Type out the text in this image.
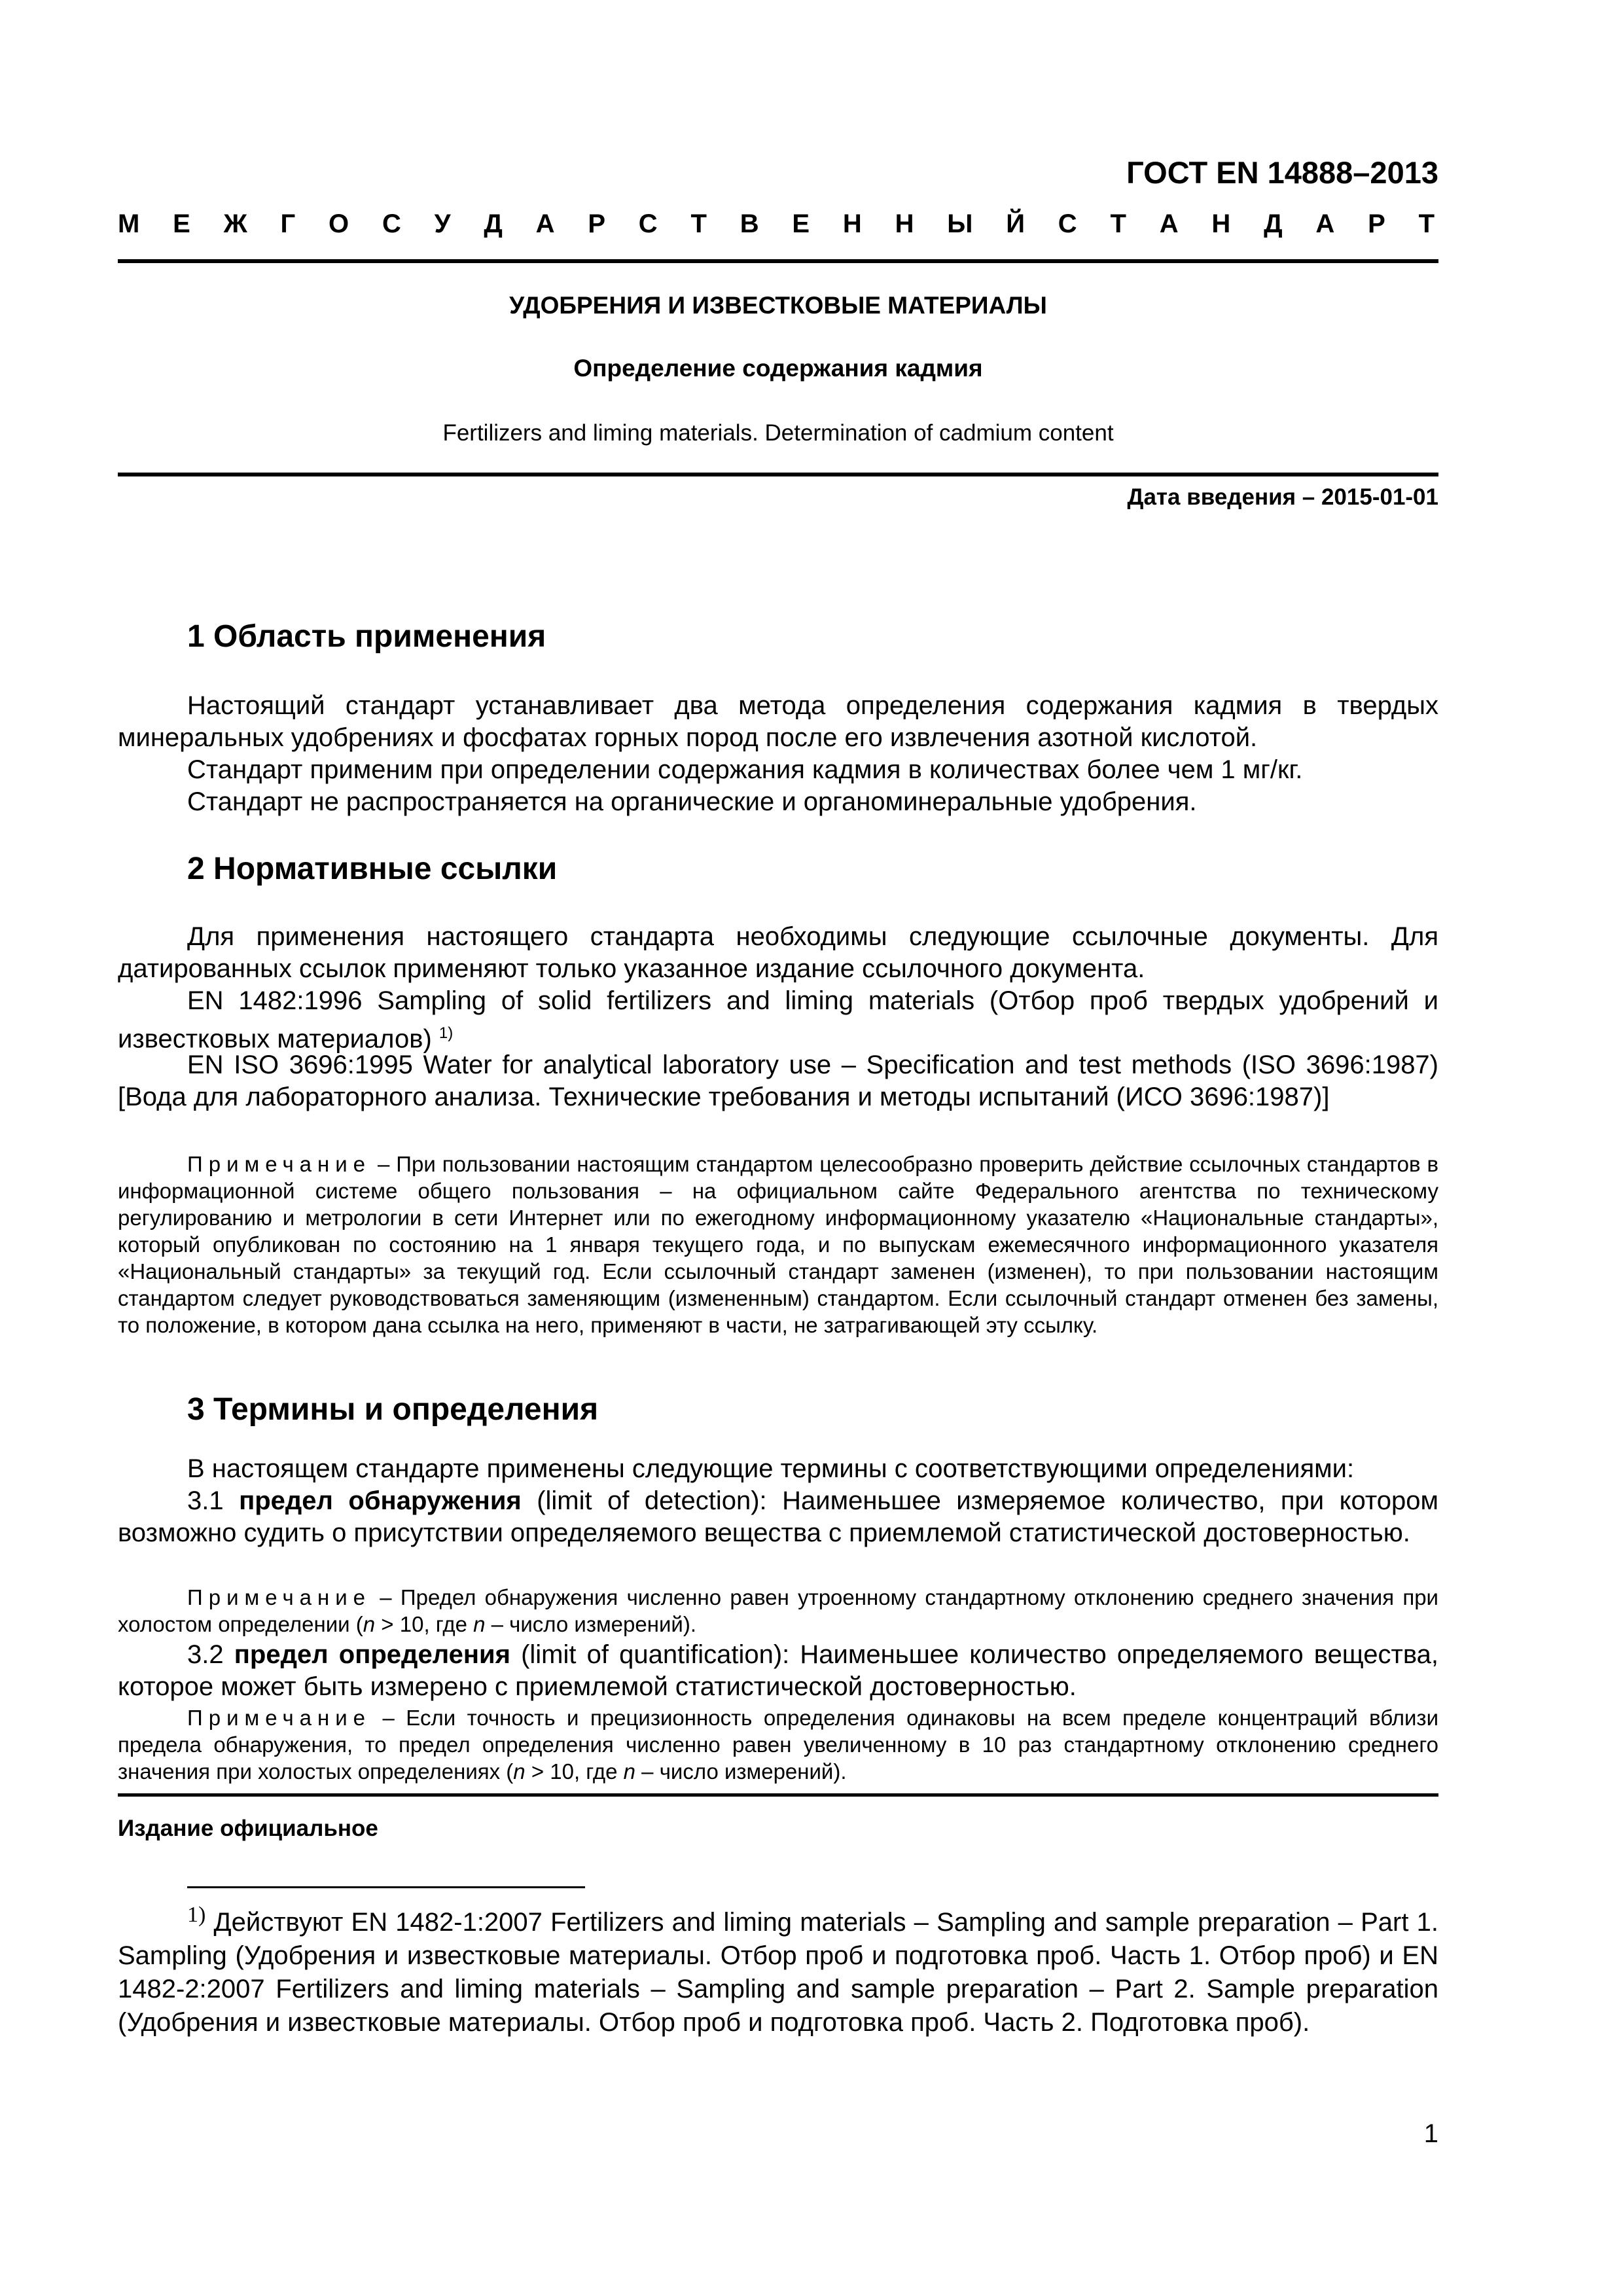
ГОСТ EN 14888–2013
М Е Ж Г О С У Д А Р С Т В Е Н Н Ы Й С Т А Н Д А Р Т
УДОБРЕНИЯ И ИЗВЕСТКОВЫЕ МАТЕРИАЛЫ
Определение содержания кадмия
Fertilizers and liming materials. Determination of cadmium content
Дата введения – 2015-01-01
1 Область применения

Настоящий стандарт устанавливает два метода определения содержания кадмия в твердых минеральных удобрениях и фосфатах горных пород после его извлечения азотной кислотой.

Стандарт применим при определении содержания кадмия в количествах более чем 1 мг/кг.

Стандарт не распространяется на органические и органоминеральные удобрения.

2 Нормативные ссылки

Для применения настоящего стандарта необходимы следующие ссылочные документы. Для датированных ссылок применяют только указанное издание ссылочного документа.

EN 1482:1996 Sampling of solid fertilizers and liming materials (Отбор проб твердых удобрений и известковых материалов) $^{1)}$

EN ISO 3696:1995 Water for analytical laboratory use – Specification and test methods (ISO 3696:1987) [Вода для лабораторного анализа. Технические требования и методы испытаний (ИСО 3696:1987)]

Примечание – При пользовании настоящим стандартом целесообразно проверить действие ссылочных стандартов в информационной системе общего пользования – на официальном сайте Федерального агентства по техническому регулированию и метрологии в сети Интернет или по ежегодному информационному указателю «Национальные стандарты», который опубликован по состоянию на 1 января текущего года, и по выпускам ежемесячного информационного указателя «Национальный стандарты» за текущий год. Если ссылочный стандарт заменен (изменен), то при пользовании настоящим стандартом следует руководствоваться заменяющим (измененным) стандартом. Если ссылочный стандарт отменен без замены, то положение, в котором дана ссылка на него, применяют в части, не затрагивающей эту ссылку.

3 Термины и определения

В настоящем стандарте применены следующие термины с соответствующими определениями:

3.1 предел обнаружения (limit of detection): Наименьшее измеряемое количество, при котором возможно судить о присутствии определяемого вещества с приемлемой статистической достоверностью.

Примечание – Предел обнаружения численно равен утроенному стандартному отклонению среднего значения при холостом определении (n > 10, где n – число измерений).

3.2 предел определения (limit of quantification): Наименьшее количество определяемого вещества, которое может быть измерено с приемлемой статистической достоверностью.

Примечание – Если точность и прецизионность определения одинаковы на всем пределе концентраций вблизи предела обнаружения, то предел определения численно равен увеличенному в 10 раз стандартному отклонению среднего значения при холостых определениях (n > 10, где n – число измерений).

Издание официальное

$^{1)}$ Действуют EN 1482-1:2007 Fertilizers and liming materials – Sampling and sample preparation – Part 1. Sampling (Удобрения и известковые материалы. Отбор проб и подготовка проб. Часть 1. Отбор проб) и EN 1482-2:2007 Fertilizers and liming materials – Sampling and sample preparation – Part 2. Sample preparation (Удобрения и известковые материалы. Отбор проб и подготовка проб. Часть 2. Подготовка проб).

1
